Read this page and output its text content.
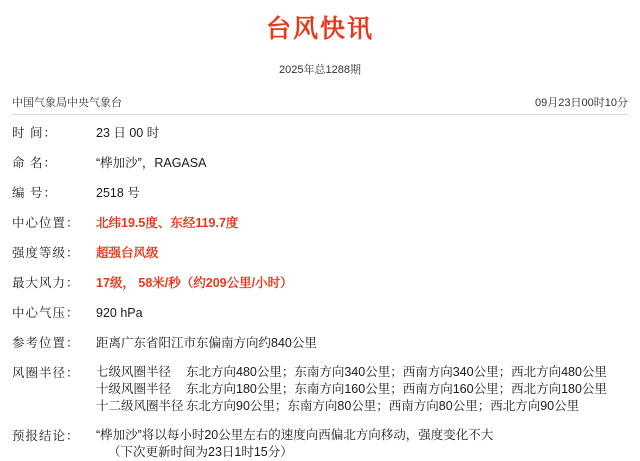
台风快讯
2025年总1288期
中国气象局中央气象台	09月23日00时10分
时 间：	23 日 00 时
命 名：	“桦加沙”，RAGASA
编 号：	2518 号
中心位置：	北纬19.5度、东经119.7度
强度等级：	超强台风级
最大风力：	17级， 58米/秒（约209公里/小时）
中心气压：	920 hPa
参考位置：	距离广东省阳江市东偏南方向约840公里
风圈半径：	七级风圈半径 东北方向480公里；东南方向340公里；西南方向340公里；西北方向480公里
十级风圈半径 东北方向180公里；东南方向160公里；西南方向160公里；西北方向180公里
十二级风圈半径 东北方向90公里；东南方向80公里；西南方向80公里；西北方向90公里
预报结论：	“桦加沙”将以每小时20公里左右的速度向西偏北方向移动，强度变化不大
（下次更新时间为23日1时15分）
